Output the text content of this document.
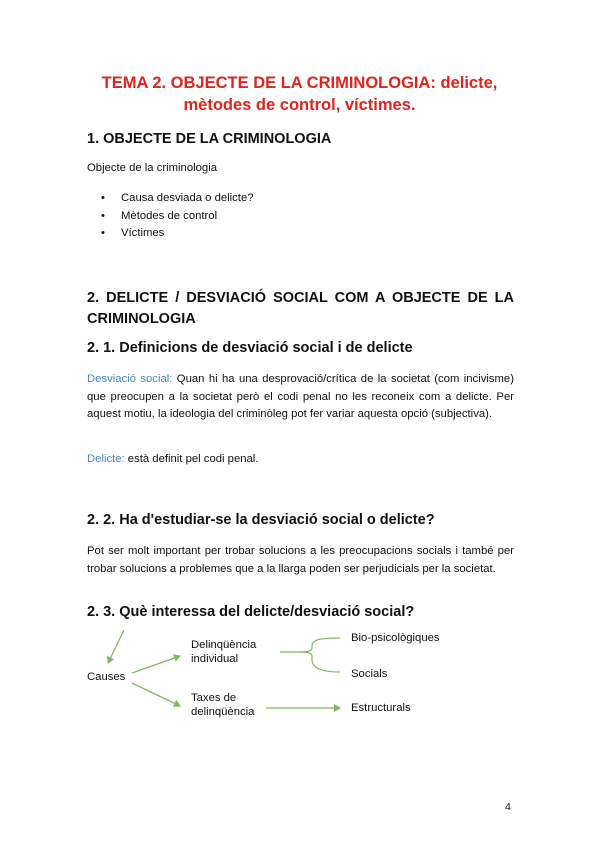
TEMA 2. OBJECTE DE LA CRIMINOLOGIA: delicte,
mètodes de control, víctimes.
1. OBJECTE DE LA CRIMINOLOGIA

Objecte de la criminologia

• Causa desviada o delicte?
• Mètodes de control
• Víctimes
2. DELICTE / DESVIACIÓ SOCIAL COM A OBJECTE DE LA
CRIMINOLOGIA
2. 1. Definicions de desviació social i de delicte

Desviació social: Quan hi ha una desprovació/crítica de la societat (com incivisme) que preocupen a la societat però el codi penal no les reconeix com a delicte. Per aquest motiu, la ideologia del criminòleg pot fer variar aquesta opció (subjectiva).

Delicte: està definit pel codi penal.

2. 2. Ha d'estudiar-se la desviació social o delicte?

Pot ser molt important per trobar solucions a les preocupacions socials i també per trobar solucions a problemes que a la llarga poden ser perjudicials per la societat.

2. 3. Què interessa del delicte/desviació social?
Causes
Delinqüència
individual
Taxes de
delinqüència
Bio-psicològiques
Socials
Estructurals
4
